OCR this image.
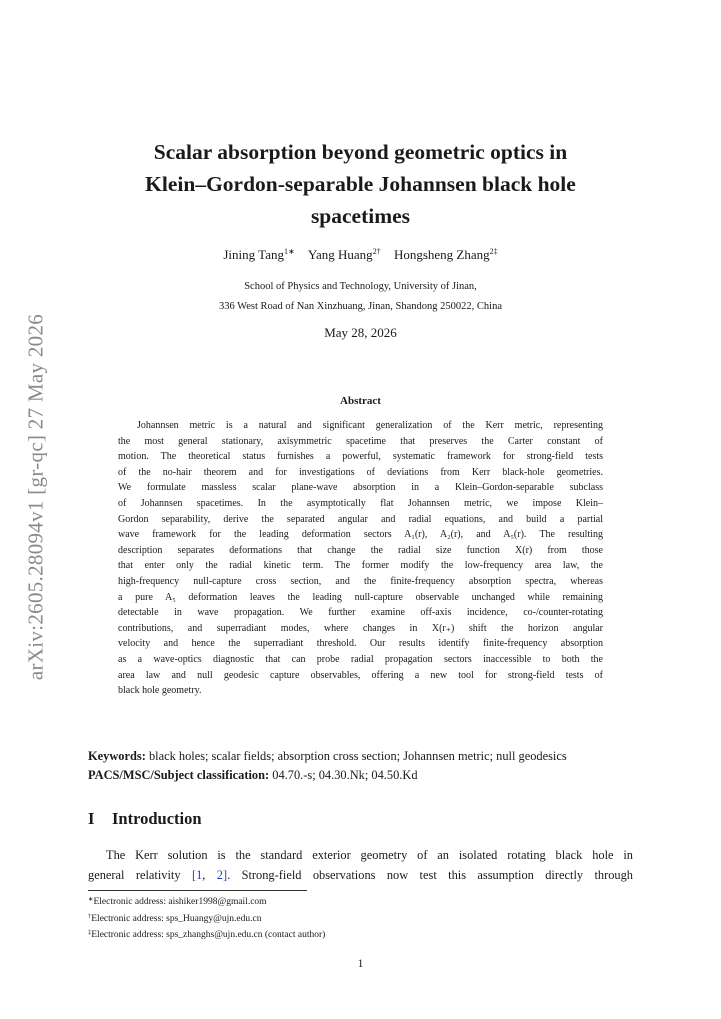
arXiv:2605.28094v1 [gr-qc] 27 May 2026
Scalar absorption beyond geometric optics in
Klein–Gordon-separable Johannsen black hole
spacetimes
Jining Tang$^{1∗}$ Yang Huang$^{2\dagger}$ Hongsheng Zhang$^{2\ddagger}$
School of Physics and Technology, University of Jinan,
336 West Road of Nan Xinzhuang, Jinan, Shandong 250022, China
May 28, 2026
Abstract
Johannsen metric is a natural and significant generalization of the Kerr metric, representing
the most general stationary, axisymmetric spacetime that preserves the Carter constant of
motion. The theoretical status furnishes a powerful, systematic framework for strong-field tests
of the no-hair theorem and for investigations of deviations from Kerr black-hole geometries.
We formulate massless scalar plane-wave absorption in a Klein–Gordon-separable subclass
of Johannsen spacetimes. In the asymptotically flat Johannsen metric, we impose Klein–
Gordon separability, derive the separated angular and radial equations, and build a partial
wave framework for the leading deformation sectors A₁(r), A₂(r), and A₅(r). The resulting
description separates deformations that change the radial size function X(r) from those
that enter only the radial kinetic term. The former modify the low-frequency area law, the
high-frequency null-capture cross section, and the finite-frequency absorption spectra, whereas
a pure A₅ deformation leaves the leading null-capture observable unchanged while remaining
detectable in wave propagation. We further examine off-axis incidence, co-/counter-rotating
contributions, and superradiant modes, where changes in X(r₊) shift the horizon angular
velocity and hence the superradiant threshold. Our results identify finite-frequency absorption
as a wave-optics diagnostic that can probe radial propagation sectors inaccessible to both the
area law and null geodesic capture observables, offering a new tool for strong-field tests of
black hole geometry.
Keywords: black holes; scalar fields; absorption cross section; Johannsen metric; null geodesics
PACS/MSC/Subject classification: 04.70.-s; 04.30.Nk; 04.50.Kd
I Introduction
The Kerr solution is the standard exterior geometry of an isolated rotating black hole in
general relativity [1, 2]. Strong-field observations now test this assumption directly through
∗Electronic address: aishiker1998@gmail.com
†Electronic address: sps_Huangy@ujn.edu.cn
‡Electronic address: sps_zhanghs@ujn.edu.cn (contact author)
1
